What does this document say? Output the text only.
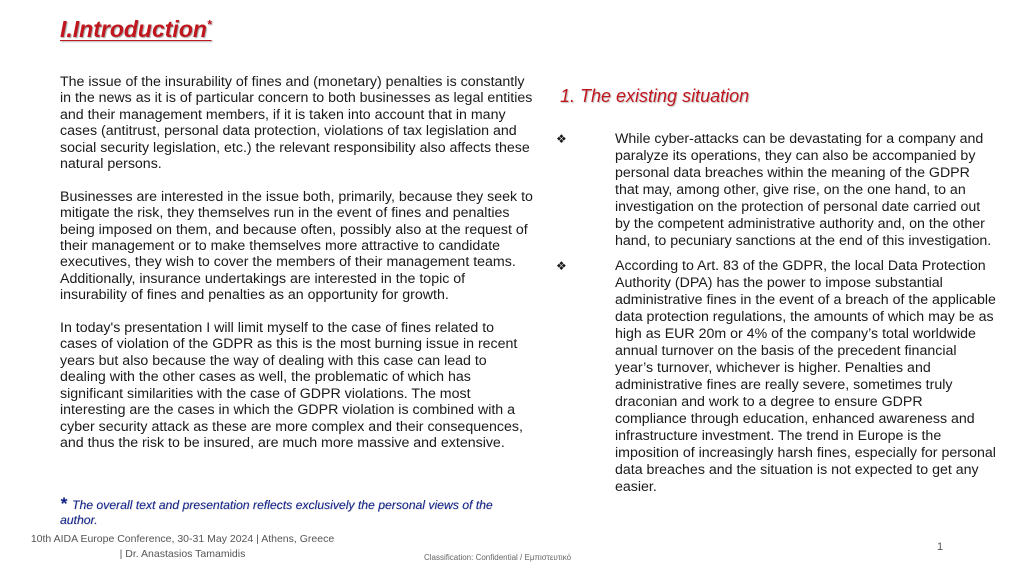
I.Introduction*

The issue of the insurability of fines and (monetary) penalties is constantly in the news as it is of particular concern to both businesses as legal entities and their management members, if it is taken into account that in many cases (antitrust, personal data protection, violations of tax legislation and social security legislation, etc.) the relevant responsibility also affects these natural persons.

Businesses are interested in the issue both, primarily, because they seek to mitigate the risk, they themselves run in the event of fines and penalties being imposed on them, and because often, possibly also at the request of their management or to make themselves more attractive to candidate executives, they wish to cover the members of their management teams. Additionally, insurance undertakings are interested in the topic of insurability of fines and penalties as an opportunity for growth.

In today's presentation I will limit myself to the case of fines related to cases of violation of the GDPR as this is the most burning issue in recent years but also because the way of dealing with this case can lead to dealing with the other cases as well, the problematic of which has significant similarities with the case of GDPR violations. The most interesting are the cases in which the GDPR violation is combined with a cyber security attack as these are more complex and their consequences, and thus the risk to be insured, are much more massive and extensive.

* The overall text and presentation reflects exclusively the personal views of the author.
1. The existing situation
❖	While cyber-attacks can be devastating for a company and paralyze its operations, they can also be accompanied by personal data breaches within the meaning of the GDPR that may, among other, give rise, on the one hand, to an investigation on the protection of personal date carried out by the competent administrative authority and, on the other hand, to pecuniary sanctions at the end of this investigation.
❖	According to Art. 83 of the GDPR, the local Data Protection Authority (DPA) has the power to impose substantial administrative fines in the event of a breach of the applicable data protection regulations, the amounts of which may be as high as EUR 20m or 4% of the company’s total worldwide annual turnover on the basis of the precedent financial year’s turnover, whichever is higher. Penalties and administrative fines are really severe, sometimes truly draconian and work to a degree to ensure GDPR compliance through education, enhanced awareness and infrastructure investment. The trend in Europe is the imposition of increasingly harsh fines, especially for personal data breaches and the situation is not expected to get any easier.
10th AIDA Europe Conference, 30-31 May 2024 | Athens, Greece | Dr. Anastasios Tamamidis	Classification: Confidential / Εμπιστευτικό
1
